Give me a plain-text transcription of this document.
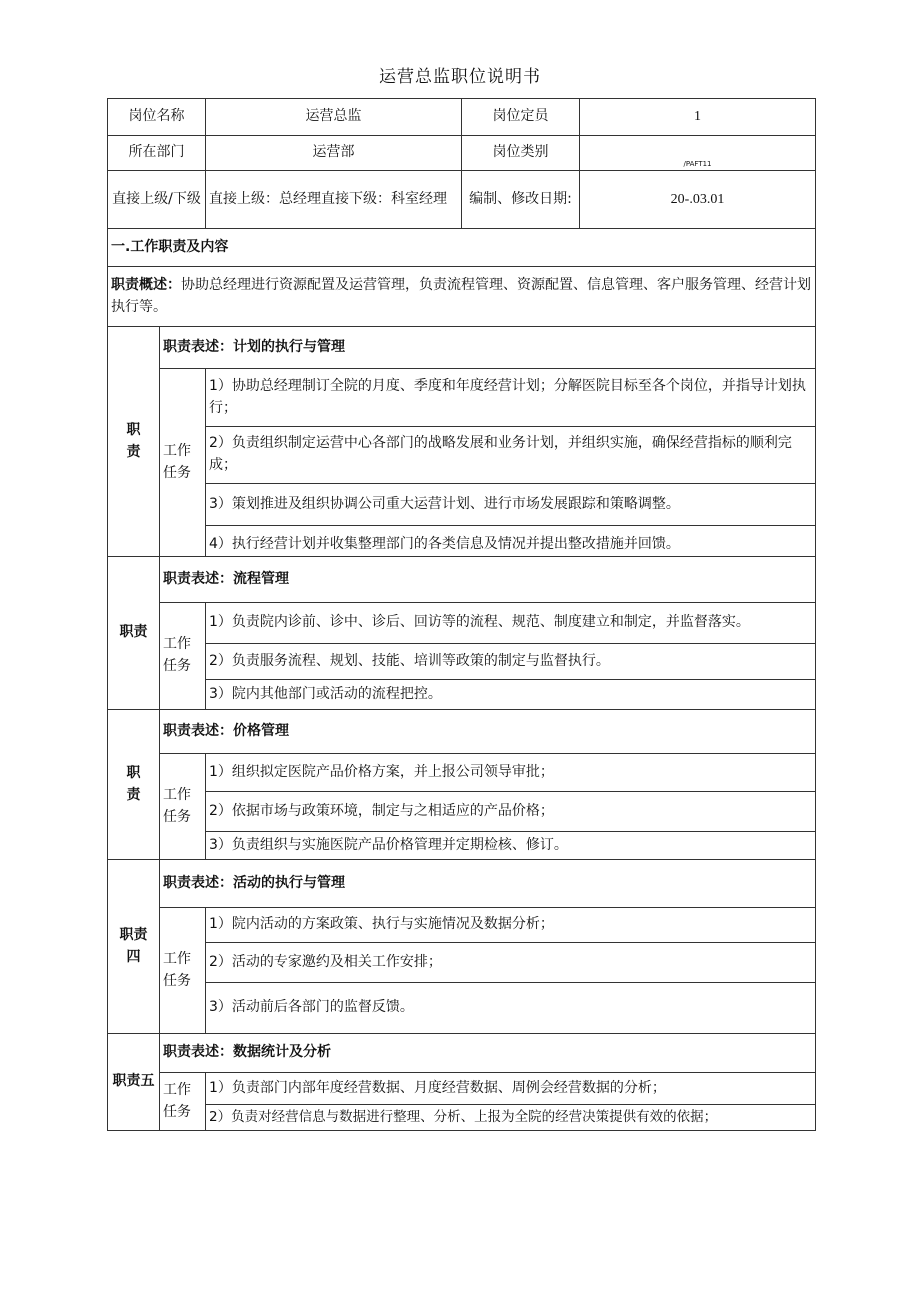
运营总监职位说明书
岗位名称		运营总监	岗位定员	1
所在部门		运营部	岗位类别	/PAFT11
直接上级/下级		直接上级：总经理直接下级：科室经理	编制、修改日期:	20-.03.01
一.工作职责及内容				
职责概述：协助总经理进行资源配置及运营管理，负责流程管理、资源配置、信息管理、客户服务管理、经营计划执行等。				

职责	职责表述：计划的执行与管理			

	工作任务	1）协助总经理制订全院的月度、季度和年度经营计划；分解医院目标至各个岗位，并指导计划执行；		
		2）负责组织制定运营中心各部门的战略发展和业务计划，并组织实施，确保经营指标的顺利完成；		
		3）策划推进及组织协调公司重大运营计划、进行市场发展跟踪和策略调整。		
		4）执行经营计划并收集整理部门的各类信息及情况并提出整改措施并回馈。		
职责	职责表述：流程管理			

	工作任务	1）负责院内诊前、诊中、诊后、回访等的流程、规范、制度建立和制定，并监督落实。		
		2）负责服务流程、规划、技能、培训等政策的制定与监督执行。		
		3）院内其他部门或活动的流程把控。		

职责	职责表述：价格管理			

	工作任务	1）组织拟定医院产品价格方案，并上报公司领导审批；		
		2）依据市场与政策环境，制定与之相适应的产品价格；		
		3）负责组织与实施医院产品价格管理并定期检核、修订。		

职责四	职责表述：活动的执行与管理			

	工作任务	1）院内活动的方案政策、执行与实施情况及数据分析；		
		2）活动的专家邀约及相关工作安排；		
		3）活动前后各部门的监督反馈。		
职责五	职责表述：数据统计及分析			

	工作任务	1）负责部门内部年度经营数据、月度经营数据、周例会经营数据的分析；		
		2）负责对经营信息与数据进行整理、分析、上报为全院的经营决策提供有效的依据；		
